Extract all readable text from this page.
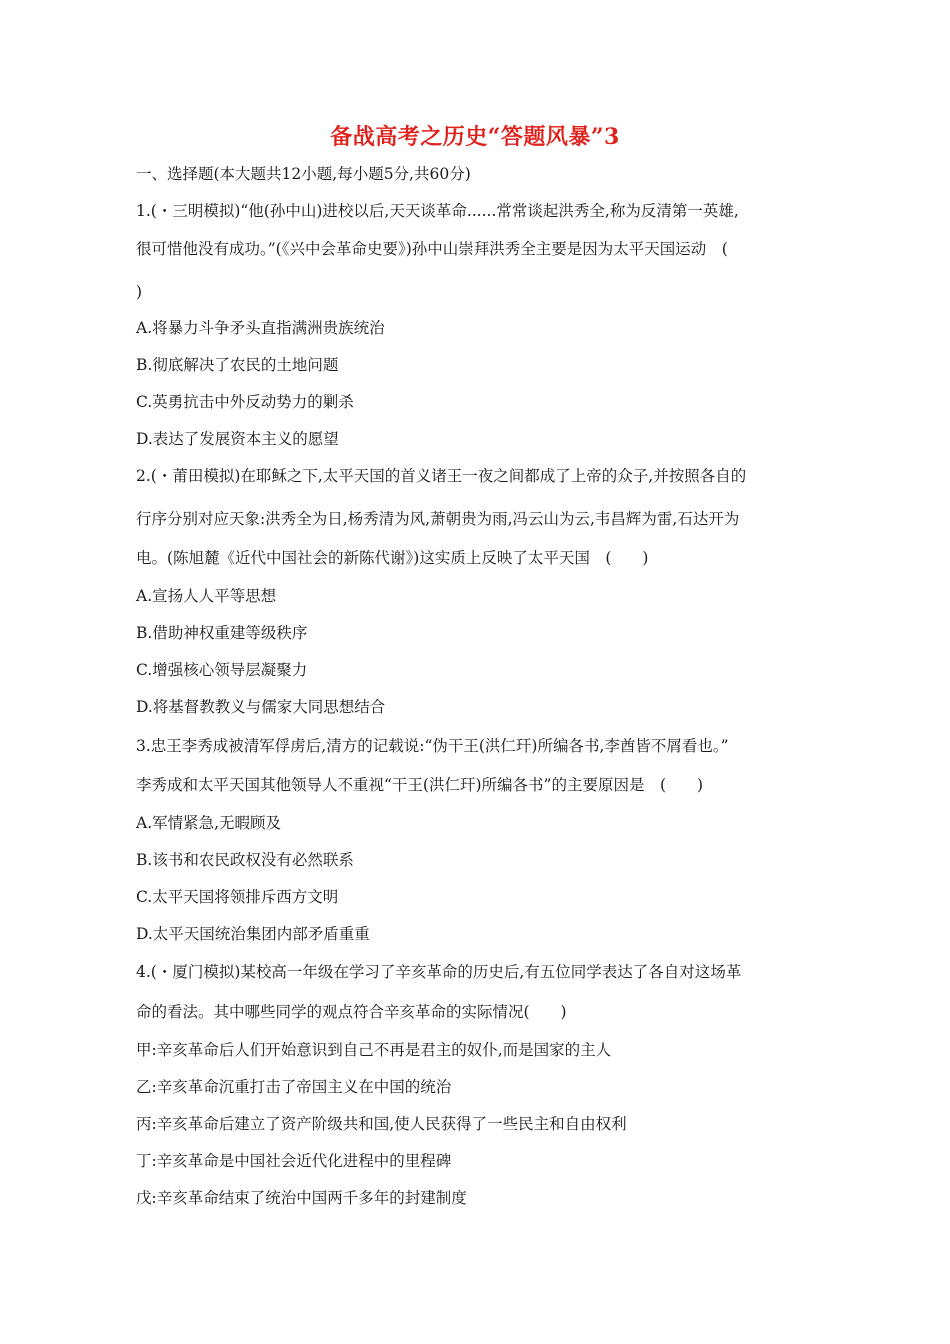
备战高考之历史“答题风暴”3
一、选择题(本大题共12小题,每小题5分,共60分)
1.(・三明模拟)“他(孙中山)进校以后,天天谈革命......常常谈起洪秀全,称为反清第一英雄,
很可惜他没有成功。”(《兴中会革命史要》)孙中山崇拜洪秀全主要是因为太平天国运动　(
)
A.将暴力斗争矛头直指满洲贵族统治
B.彻底解决了农民的土地问题
C.英勇抗击中外反动势力的剿杀
D.表达了发展资本主义的愿望
2.(・莆田模拟)在耶稣之下,太平天国的首义诸王一夜之间都成了上帝的众子,并按照各自的
行序分别对应天象:洪秀全为日,杨秀清为风,萧朝贵为雨,冯云山为云,韦昌辉为雷,石达开为
电。(陈旭麓《近代中国社会的新陈代谢》)这实质上反映了太平天国　(　　)
A.宣扬人人平等思想
B.借助神权重建等级秩序
C.增强核心领导层凝聚力
D.将基督教教义与儒家大同思想结合
3.忠王李秀成被清军俘虏后,清方的记载说:“伪干王(洪仁玕)所编各书,李酋皆不屑看也。”
李秀成和太平天国其他领导人不重视“干王(洪仁玕)所编各书”的主要原因是　(　　)
A.军情紧急,无暇顾及
B.该书和农民政权没有必然联系
C.太平天国将领排斥西方文明
D.太平天国统治集团内部矛盾重重
4.(・厦门模拟)某校高一年级在学习了辛亥革命的历史后,有五位同学表达了各自对这场革
命的看法。其中哪些同学的观点符合辛亥革命的实际情况(　　)
甲:辛亥革命后人们开始意识到自己不再是君主的奴仆,而是国家的主人
乙:辛亥革命沉重打击了帝国主义在中国的统治
丙:辛亥革命后建立了资产阶级共和国,使人民获得了一些民主和自由权利
丁:辛亥革命是中国社会近代化进程中的里程碑
戊:辛亥革命结束了统治中国两千多年的封建制度
